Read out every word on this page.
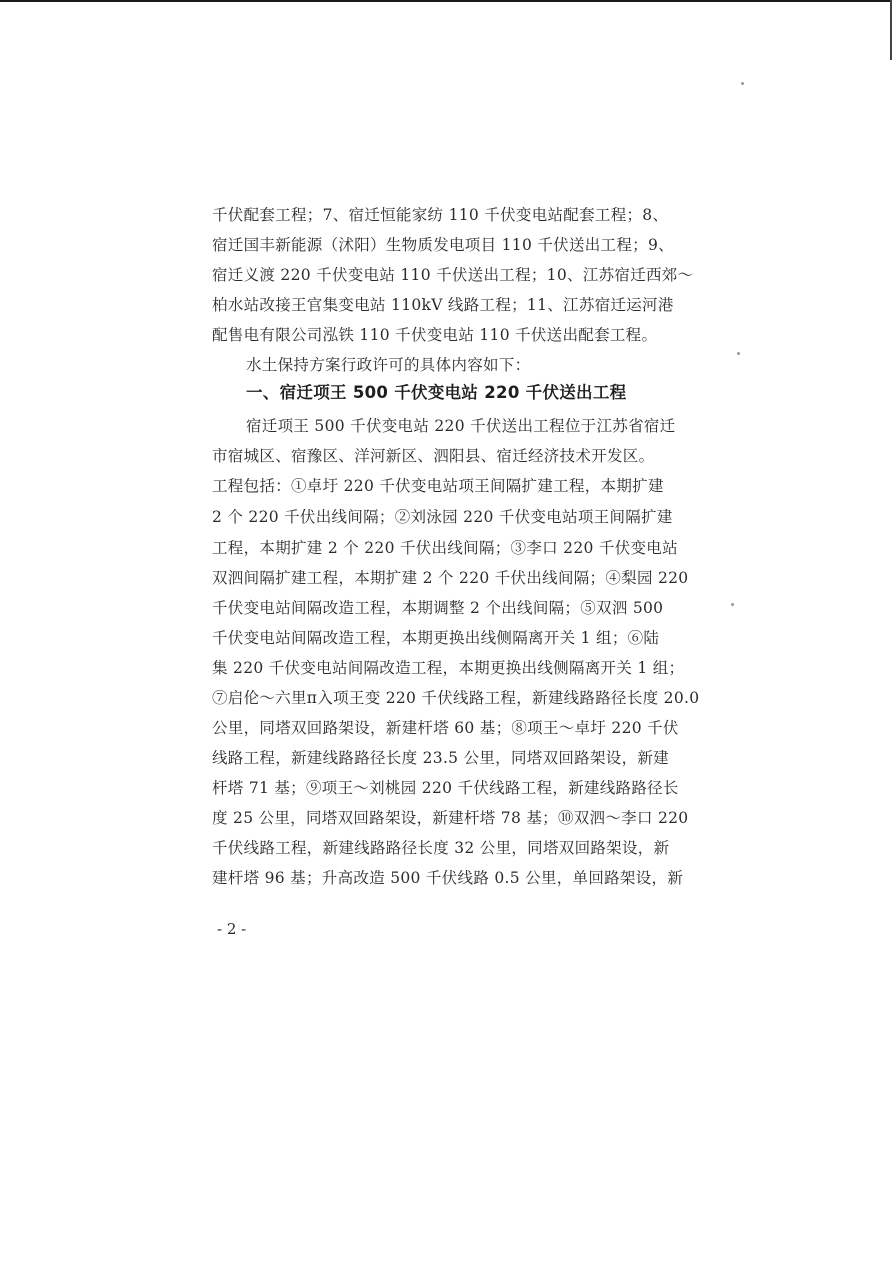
千伏配套工程；7、宿迁恒能家纺 110 千伏变电站配套工程；8、
宿迁国丰新能源（沭阳）生物质发电项目 110 千伏送出工程；9、
宿迁义渡 220 千伏变电站 110 千伏送出工程；10、江苏宿迁西郊～
柏水站改接王官集变电站 110kV 线路工程；11、江苏宿迁运河港
配售电有限公司泓铁 110 千伏变电站 110 千伏送出配套工程。
水土保持方案行政许可的具体内容如下：
一、宿迁项王 500 千伏变电站 220 千伏送出工程
宿迁项王 500 千伏变电站 220 千伏送出工程位于江苏省宿迁
市宿城区、宿豫区、洋河新区、泗阳县、宿迁经济技术开发区。
工程包括：①卓圩 220 千伏变电站项王间隔扩建工程，本期扩建
2 个 220 千伏出线间隔；②刘泳园 220 千伏变电站项王间隔扩建
工程，本期扩建 2 个 220 千伏出线间隔；③李口 220 千伏变电站
双泗间隔扩建工程，本期扩建 2 个 220 千伏出线间隔；④梨园 220
千伏变电站间隔改造工程，本期调整 2 个出线间隔；⑤双泗 500
千伏变电站间隔改造工程，本期更换出线侧隔离开关 1 组；⑥陆
集 220 千伏变电站间隔改造工程，本期更换出线侧隔离开关 1 组；
⑦启伦～六里π入项王变 220 千伏线路工程，新建线路路径长度 20.0
公里，同塔双回路架设，新建杆塔 60 基；⑧项王～卓圩 220 千伏
线路工程，新建线路路径长度 23.5 公里，同塔双回路架设，新建
杆塔 71 基；⑨项王～刘桃园 220 千伏线路工程，新建线路路径长
度 25 公里，同塔双回路架设，新建杆塔 78 基；⑩双泗～李口 220
千伏线路工程，新建线路路径长度 32 公里，同塔双回路架设，新
建杆塔 96 基；升高改造 500 千伏线路 0.5 公里，单回路架设，新
- 2 -
